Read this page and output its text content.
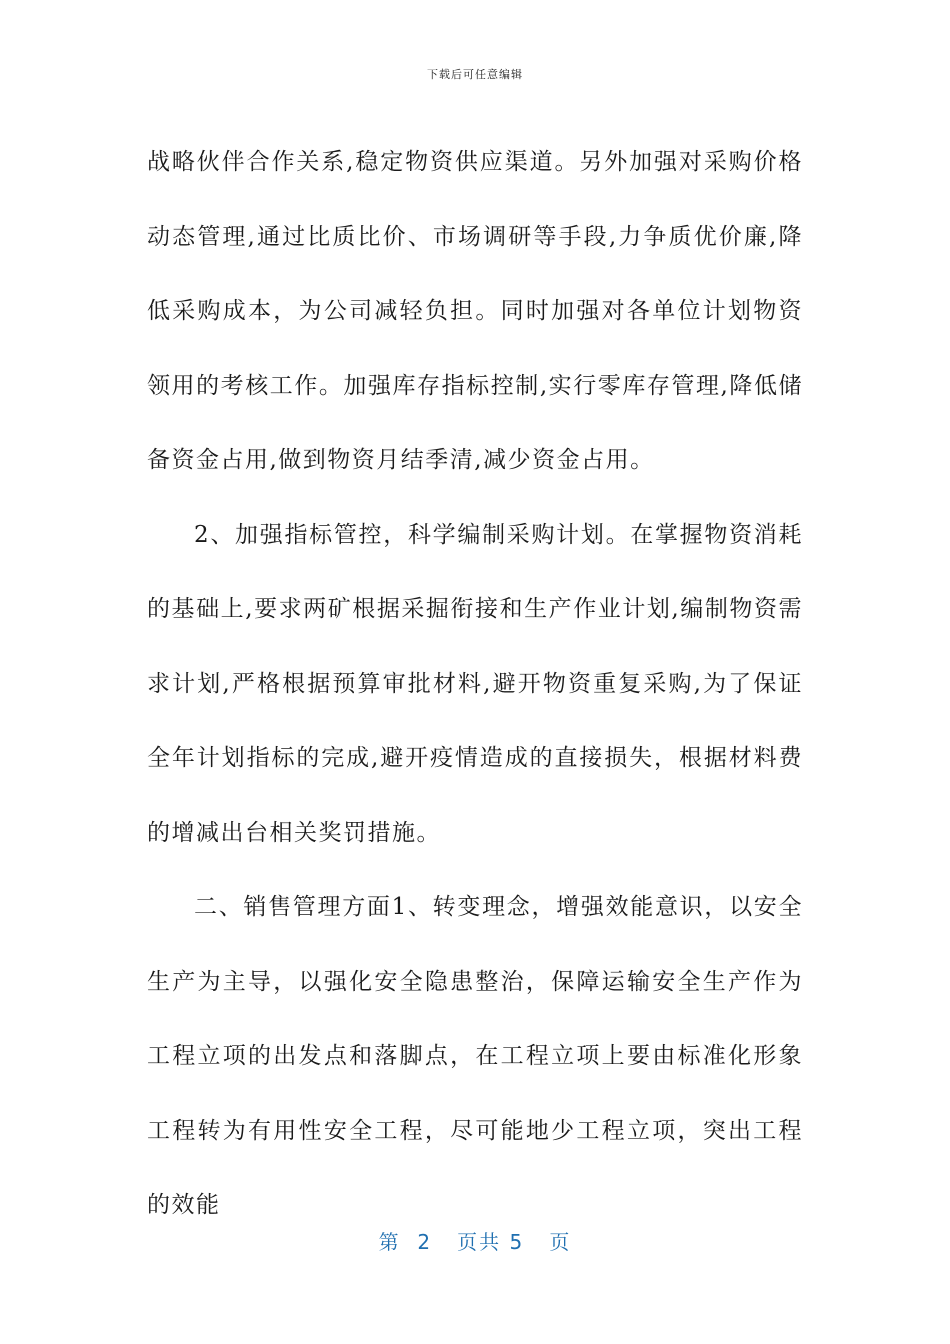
下载后可任意编辑

战略伙伴合作关系,稳定物资供应渠道。另外加强对采购价格动态管理,通过比质比价、市场调研等手段,力争质优价廉,降低采购成本，为公司减轻负担。同时加强对各单位计划物资领用的考核工作。加强库存指标控制,实行零库存管理,降低储备资金占用,做到物资月结季清,减少资金占用。

2、加强指标管控，科学编制采购计划。在掌握物资消耗的基础上,要求两矿根据采掘衔接和生产作业计划,编制物资需求计划,严格根据预算审批材料,避开物资重复采购,为了保证全年计划指标的完成,避开疫情造成的直接损失，根据材料费的增减出台相关奖罚措施。

二、销售管理方面1、转变理念，增强效能意识，以安全生产为主导，以强化安全隐患整治，保障运输安全生产作为工程立项的出发点和落脚点，在工程立项上要由标准化形象工程转为有用性安全工程，尽可能地少工程立项，突出工程的效能

第 2 页共 5 页
